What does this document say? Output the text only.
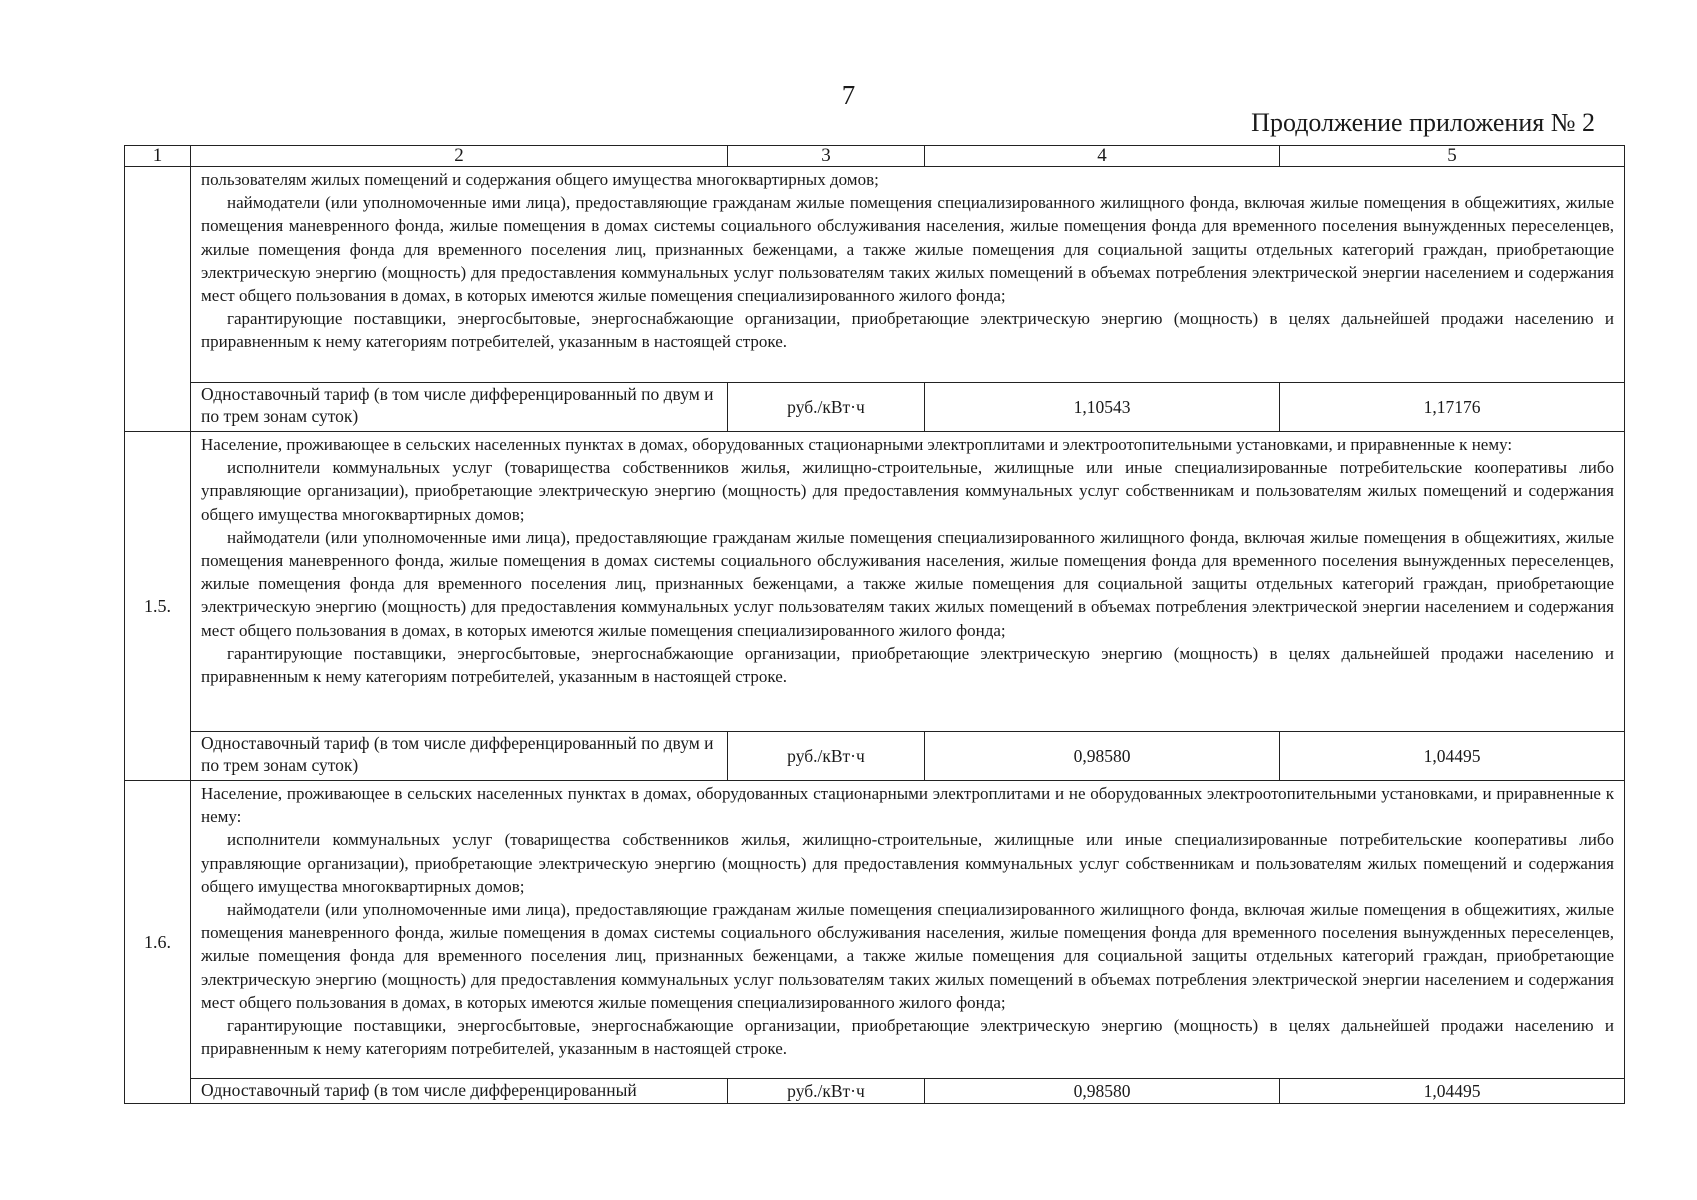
7
Продолжение приложения № 2
1	2	3	4	5

	пользователям жилых помещений и содержания общего имущества многоквартирных домов;

наймодатели (или уполномоченные ими лица), предоставляющие гражданам жилые помещения специализированного жилищного фонда, включая жилые помещения в общежитиях, жилые помещения маневренного фонда, жилые помещения в домах системы социального обслуживания населения, жилые помещения фонда для временного поселения вынужденных переселенцев, жилые помещения фонда для временного поселения лиц, признанных беженцами, а также жилые помещения для социальной защиты отдельных категорий граждан, приобретающие электрическую энергию (мощность) для предоставления коммунальных услуг пользователям таких жилых помещений в объемах потребления электрической энергии населением и содержания мест общего пользования в домах, в которых имеются жилые помещения специализированного жилого фонда;

гарантирующие поставщики, энергосбытовые, энергоснабжающие организации, приобретающие электрическую энергию (мощность) в целях дальнейшей продажи населению и приравненным к нему категориям потребителей, указанным в настоящей строке.			

	Одноставочный тариф (в том числе дифференцированный по двум и по трем зонам суток)	руб./кВт·ч	1,10543	1,17176
1.5.	Население, проживающее в сельских населенных пунктах в домах, оборудованных стационарными электроплитами и электроотопительными установками, и приравненные к нему:

исполнители коммунальных услуг (товарищества собственников жилья, жилищно-строительные, жилищные или иные специализированные потребительские кооперативы либо управляющие организации), приобретающие электрическую энергию (мощность) для предоставления коммунальных услуг собственникам и пользователям жилых помещений и содержания общего имущества многоквартирных домов;

наймодатели (или уполномоченные ими лица), предоставляющие гражданам жилые помещения специализированного жилищного фонда, включая жилые помещения в общежитиях, жилые помещения маневренного фонда, жилые помещения в домах системы социального обслуживания населения, жилые помещения фонда для временного поселения вынужденных переселенцев, жилые помещения фонда для временного поселения лиц, признанных беженцами, а также жилые помещения для социальной защиты отдельных категорий граждан, приобретающие электрическую энергию (мощность) для предоставления коммунальных услуг пользователям таких жилых помещений в объемах потребления электрической энергии населением и содержания мест общего пользования в домах, в которых имеются жилые помещения специализированного жилого фонда;

гарантирующие поставщики, энергосбытовые, энергоснабжающие организации, приобретающие электрическую энергию (мощность) в целях дальнейшей продажи населению и приравненным к нему категориям потребителей, указанным в настоящей строке.			

	Одноставочный тариф (в том числе дифференцированный по двум и по трем зонам суток)	руб./кВт·ч	0,98580	1,04495
1.6.	Население, проживающее в сельских населенных пунктах в домах, оборудованных стационарными электроплитами и не оборудованных электроотопительными установками, и приравненные к нему:

исполнители коммунальных услуг (товарищества собственников жилья, жилищно-строительные, жилищные или иные специализированные потребительские кооперативы либо управляющие организации), приобретающие электрическую энергию (мощность) для предоставления коммунальных услуг собственникам и пользователям жилых помещений и содержания общего имущества многоквартирных домов;

наймодатели (или уполномоченные ими лица), предоставляющие гражданам жилые помещения специализированного жилищного фонда, включая жилые помещения в общежитиях, жилые помещения маневренного фонда, жилые помещения в домах системы социального обслуживания населения, жилые помещения фонда для временного поселения вынужденных переселенцев, жилые помещения фонда для временного поселения лиц, признанных беженцами, а также жилые помещения для социальной защиты отдельных категорий граждан, приобретающие электрическую энергию (мощность) для предоставления коммунальных услуг пользователям таких жилых помещений в объемах потребления электрической энергии населением и содержания мест общего пользования в домах, в которых имеются жилые помещения специализированного жилого фонда;

гарантирующие поставщики, энергосбытовые, энергоснабжающие организации, приобретающие электрическую энергию (мощность) в целях дальнейшей продажи населению и приравненным к нему категориям потребителей, указанным в настоящей строке.			

	Одноставочный тариф (в том числе дифференцированный	руб./кВт·ч	0,98580	1,04495
